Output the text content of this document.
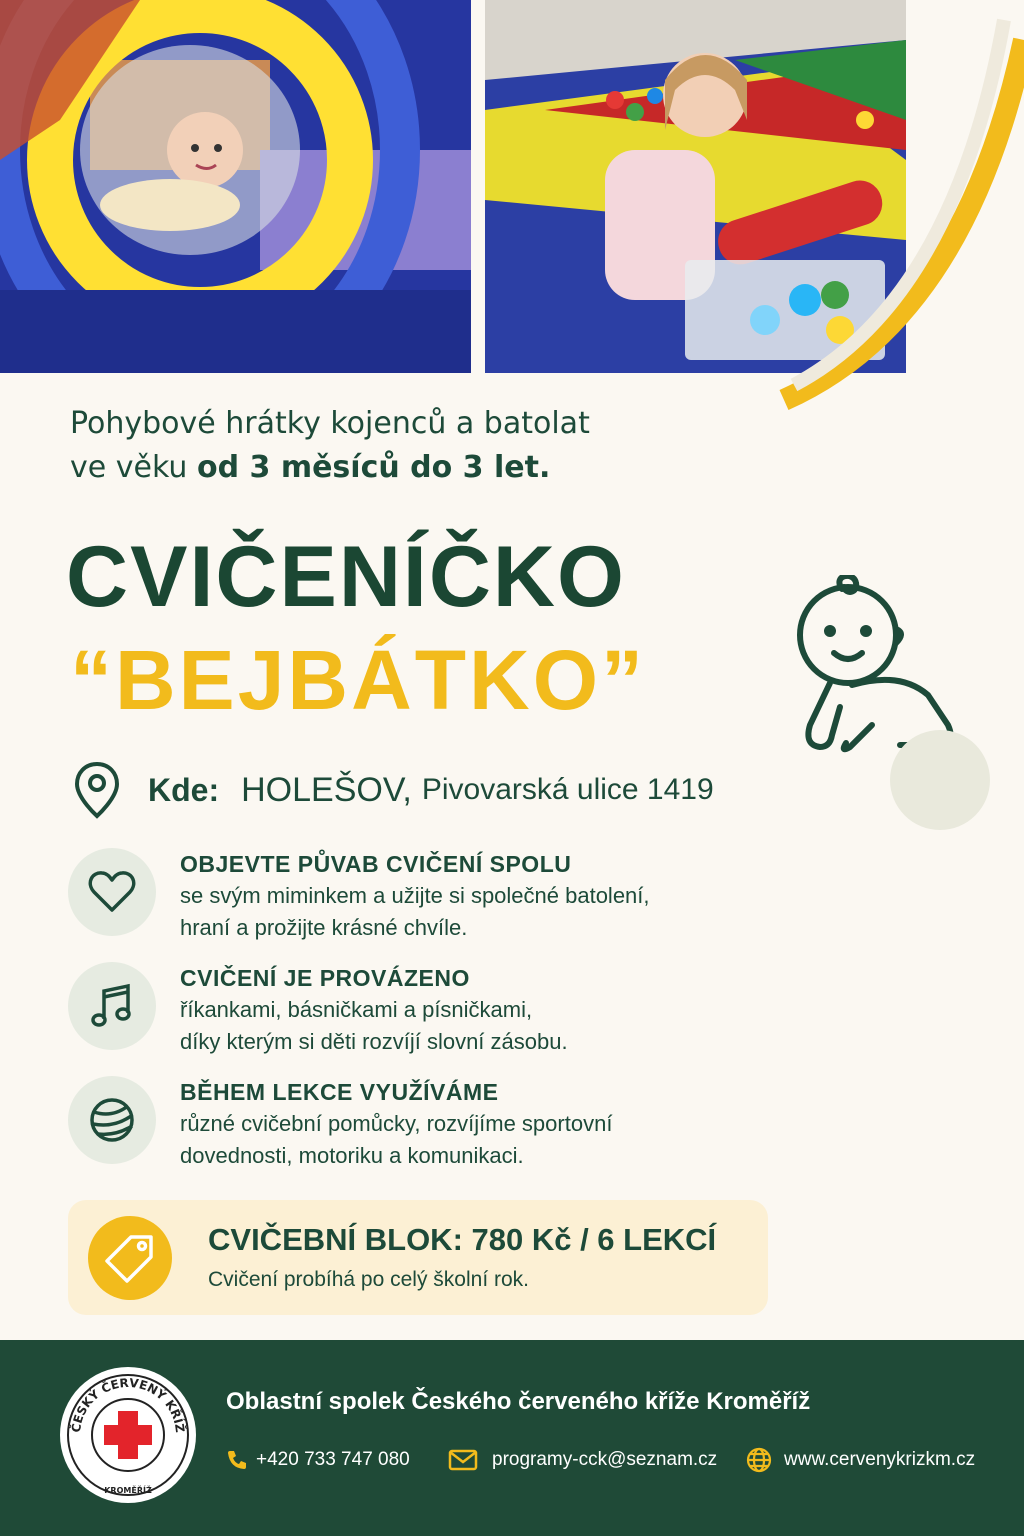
Pohybové hrátky kojenců a batolat
ve věku od 3 měsíců do 3 let.
CVIČENÍČKO
“BEJBÁTKO”
Kde: HOLEŠOV, Pivovarská ulice 1419
OBJEVTE PŮVAB CVIČENÍ SPOLU
se svým miminkem a užijte si společné batolení,
hraní a prožijte krásné chvíle.
CVIČENÍ JE PROVÁZENO
říkankami, básničkami a písničkami,
díky kterým si děti rozvíjí slovní zásobu.
BĚHEM LEKCE VYUŽÍVÁME
různé cvičební pomůcky, rozvíjíme sportovní
dovednosti, motoriku a komunikaci.
CVIČEBNÍ BLOK: 780 Kč / 6 LEKCÍ
Cvičení probíhá po celý školní rok.
ČESKÝ ČERVENÝ KŘÍŽ
KROMĚŘÍŽ
Oblastní spolek Českého červeného kříže Kroměříž
+420 733 747 080	programy-cck@seznam.cz	www.cervenykrizkm.cz
